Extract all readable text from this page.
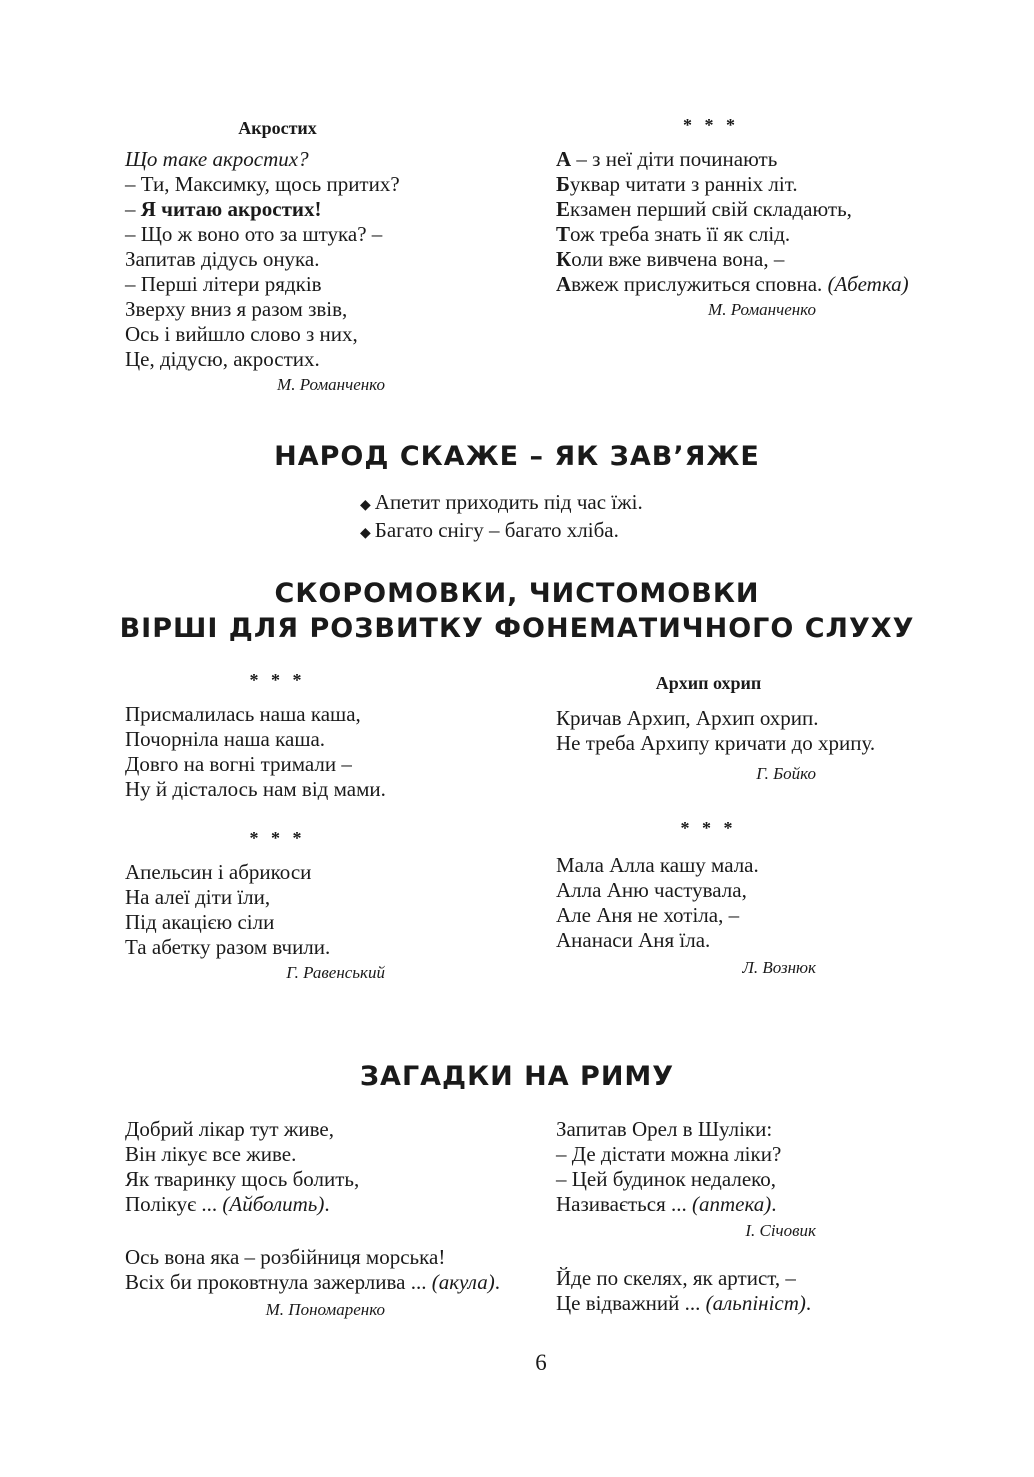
Акростих
Що таке акростих?
– Ти, Максимку, щось притих?
– Я читаю акростих!
– Що ж воно ото за штука? –
Запитав дідусь онука.
– Перші літери рядків
Зверху вниз я разом звів,
Ось і вийшло слово з них,
Це, дідусю, акростих.
М. Романченко
* * *
А – з неї діти починають
Буквар читати з ранніх літ.
Екзамен перший свій складають,
Тож треба знать її як слід.
Коли вже вивчена вона, –
Авжеж прислужиться сповна. (Абетка)
М. Романченко
НАРОД СКАЖЕ – ЯК ЗАВ’ЯЖЕ
◆ Апетит приходить під час їжі.
◆ Багато снігу – багато хліба.
СКОРОМОВКИ, ЧИСТОМОВКИ
ВІРШІ ДЛЯ РОЗВИТКУ ФОНЕМАТИЧНОГО СЛУХУ
* * *
Присмалилась наша каша,
Почорніла наша каша.
Довго на вогні тримали –
Ну й дісталось нам від мами.
* * *
Апельсин і абрикоси
На алеї діти їли,
Під акацією сіли
Та абетку разом вчили.
Г. Равенський
Архип охрип
Кричав Архип, Архип охрип.
Не треба Архипу кричати до хрипу.
Г. Бойко
* * *
Мала Алла кашу мала.
Алла Аню частувала,
Але Аня не хотіла, –
Ананаси Аня їла.
Л. Вознюк
ЗАГАДКИ НА РИМУ
Добрий лікар тут живе,
Він лікує все живе.
Як тваринку щось болить,
Полікує ... (Айболить).
Ось вона яка – розбійниця морська!
Всіх би проковтнула зажерлива ... (акула).
М. Пономаренко
Запитав Орел в Шуліки:
– Де дістати можна ліки?
– Цей будинок недалеко,
Називається ... (аптека).
І. Січовик
Йде по скелях, як артист, –
Це відважний ... (альпініст).
6
